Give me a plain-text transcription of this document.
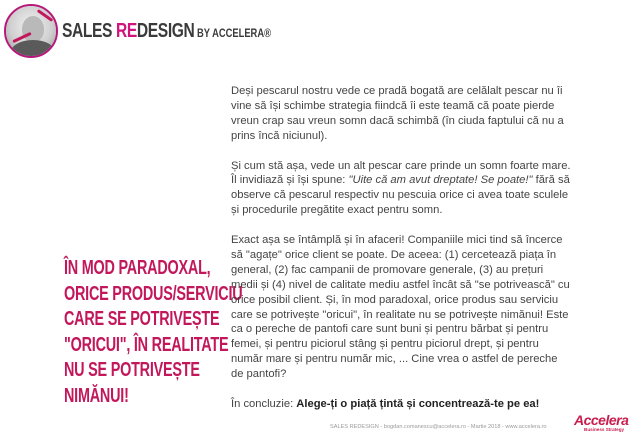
SALES REDESIGN BY ACCELERA®
ÎN MOD PARADOXAL,
ORICE PRODUS/SERVICIU
CARE SE POTRIVEȘTE
"ORICUI", ÎN REALITATE
NU SE POTRIVEȘTE
NIMĂNUI!

Deși pescarul nostru vede ce pradă bogată are celălalt pescar nu îi vine să își schimbe strategia fiindcă îi este teamă că poate pierde vreun crap sau vreun somn dacă schimbă (în ciuda faptului că nu a prins încă niciunul).

Și cum stă așa, vede un alt pescar care prinde un somn foarte mare. Îl invidiază și își spune: "Uite că am avut dreptate! Se poate!" fără să observe că pescarul respectiv nu pescuia orice ci avea toate sculele și procedurile pregătite exact pentru somn.

Exact așa se întâmplă și în afaceri! Companiile mici tind să încerce să "agațe" orice client se poate. De aceea: (1) cercetează piața în general, (2) fac campanii de promovare generale, (3) au prețuri medii și (4) nivel de calitate mediu astfel încât să "se potrivească" cu orice posibil client. Și, în mod paradoxal, orice produs sau serviciu care se potrivește "oricui", în realitate nu se potrivește nimănui! Este ca o pereche de pantofi care sunt buni și pentru bărbat și pentru femei, și pentru piciorul stâng și pentru piciorul drept, și pentru număr mare și pentru număr mic, ... Cine vrea o astfel de pereche de pantofi?

În concluzie: Alege-ți o piață țintă și concentrează-te pe ea!

SALES REDESIGN - bogdan.comanescu@accelera.ro - Martie 2018 - www.accelera.ro	Accelera
Business Strategy
